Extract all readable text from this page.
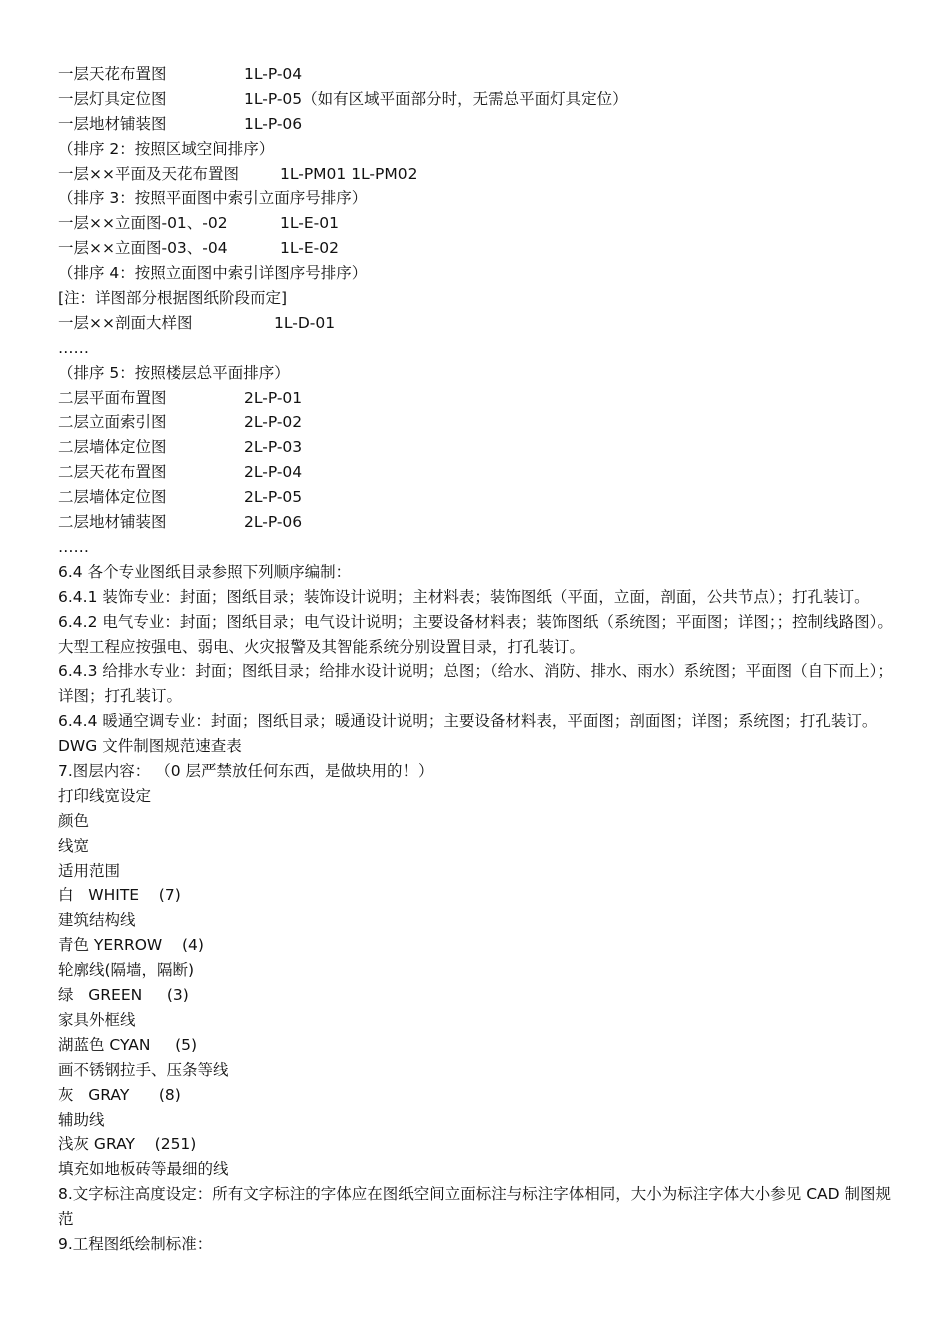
一层天花布置图	1L-P-04
一层灯具定位图	1L-P-05（如有区域平面部分时，无需总平面灯具定位）
一层地材铺装图	1L-P-06
（排序 2：按照区域空间排序）
一层××平面及天花布置图	1L-PM01 1L-PM02
（排序 3：按照平面图中索引立面序号排序）
一层××立面图-01、-02	1L-E-01
一层××立面图-03、-04	1L-E-02
（排序 4：按照立面图中索引详图序号排序）
[注：详图部分根据图纸阶段而定]
一层××剖面大样图	1L-D-01
……
（排序 5：按照楼层总平面排序）
二层平面布置图	2L-P-01
二层立面索引图	2L-P-02
二层墙体定位图	2L-P-03
二层天花布置图	2L-P-04
二层墙体定位图	2L-P-05
二层地材铺装图	2L-P-06
……
6.4 各个专业图纸目录参照下列顺序编制：
6.4.1 装饰专业：封面；图纸目录；装饰设计说明；主材料表；装饰图纸（平面，立面，剖面，公共节点）；打孔装订。
6.4.2 电气专业：封面；图纸目录；电气设计说明；主要设备材料表；装饰图纸（系统图；平面图；详图；；控制线路图）。大型工程应按强电、弱电、火灾报警及其智能系统分别设置目录，打孔装订。
6.4.3 给排水专业：封面；图纸目录；给排水设计说明；总图；（给水、消防、排水、雨水）系统图；平面图（自下而上）；详图；打孔装订。
6.4.4 暖通空调专业：封面；图纸目录；暖通设计说明；主要设备材料表，平面图；剖面图；详图；系统图；打孔装订。
DWG 文件制图规范速查表
7.图层内容： （0 层严禁放任何东西，是做块用的！）
打印线宽设定
颜色
线宽
适用范围
白   WHITE    (7)
建筑结构线
青色 YERROW    (4)
轮廓线(隔墙，隔断)
绿   GREEN     (3)
家具外框线
湖蓝色 CYAN     (5)
画不锈钢拉手、压条等线
灰   GRAY      (8)
辅助线
浅灰 GRAY    (251)
填充如地板砖等最细的线
8.文字标注高度设定：所有文字标注的字体应在图纸空间立面标注与标注字体相同，大小为标注字体大小参见 CAD 制图规范
9.工程图纸绘制标准：
